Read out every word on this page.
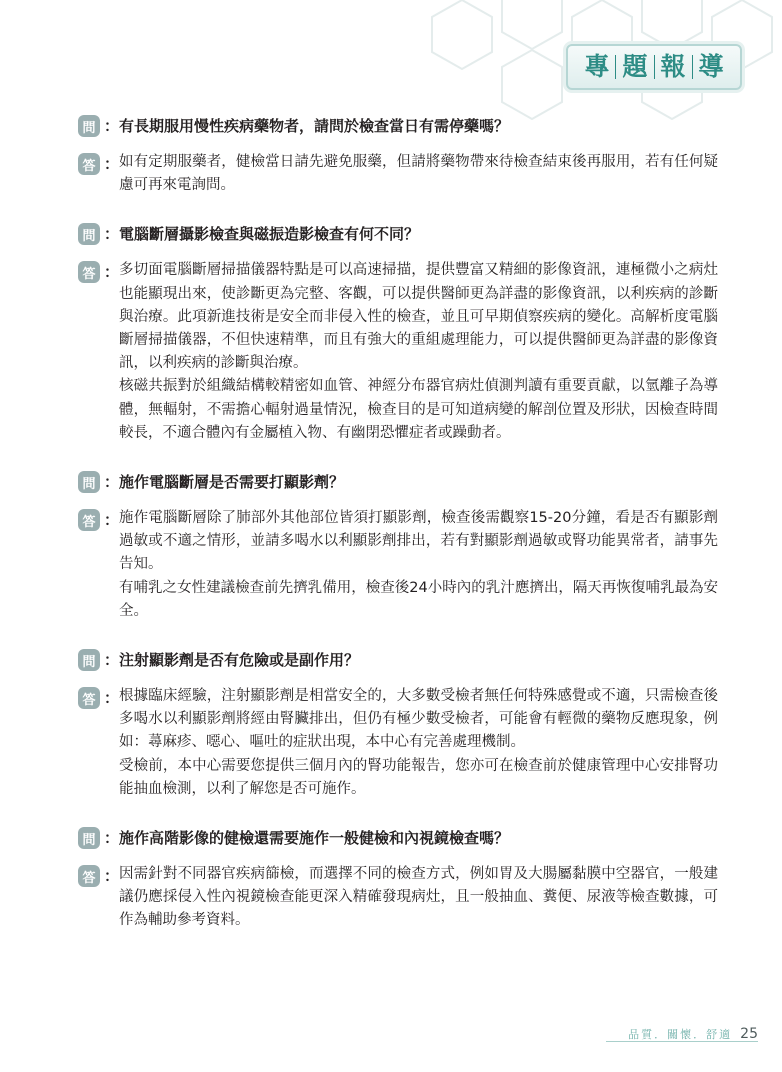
專 題 報 導
問 ： 有長期服用慢性疾病藥物者，請問於檢查當日有需停藥嗎？
答 ： 如有定期服藥者，健檢當日請先避免服藥，但請將藥物帶來待檢查結束後再服用，若有任何疑慮可再來電詢問。

問 ： 電腦斷層攝影檢查與磁振造影檢查有何不同？
答 ： 多切面電腦斷層掃描儀器特點是可以高速掃描，提供豐富又精細的影像資訊，連極微小之病灶也能顯現出來，使診斷更為完整、客觀，可以提供醫師更為詳盡的影像資訊，以利疾病的診斷與治療。此項新進技術是安全而非侵入性的檢查，並且可早期偵察疾病的變化。高解析度電腦斷層掃描儀器，不但快速精準，而且有強大的重組處理能力，可以提供醫師更為詳盡的影像資訊，以利疾病的診斷與治療。

核磁共振對於組織結構較精密如血管、神經分布器官病灶偵測判讀有重要貢獻，以氫離子為導體，無輻射，不需擔心輻射過量情況，檢查目的是可知道病變的解剖位置及形狀，因檢查時間較長，不適合體內有金屬植入物、有幽閉恐懼症者或躁動者。

問 ： 施作電腦斷層是否需要打顯影劑？
答 ： 施作電腦斷層除了肺部外其他部位皆須打顯影劑，檢查後需觀察15-20分鐘，看是否有顯影劑過敏或不適之情形，並請多喝水以利顯影劑排出，若有對顯影劑過敏或腎功能異常者，請事先告知。

有哺乳之女性建議檢查前先擠乳備用，檢查後24小時內的乳汁應擠出，隔天再恢復哺乳最為安全。

問 ： 注射顯影劑是否有危險或是副作用？
答 ： 根據臨床經驗，注射顯影劑是相當安全的，大多數受檢者無任何特殊感覺或不適，只需檢查後多喝水以利顯影劑將經由腎臟排出，但仍有極少數受檢者，可能會有輕微的藥物反應現象，例如：蕁麻疹、噁心、嘔吐的症狀出現，本中心有完善處理機制。

受檢前，本中心需要您提供三個月內的腎功能報告，您亦可在檢查前於健康管理中心安排腎功能抽血檢測，以利了解您是否可施作。

問 ： 施作高階影像的健檢還需要施作一般健檢和內視鏡檢查嗎？
答 ： 因需針對不同器官疾病篩檢，而選擇不同的檢查方式，例如胃及大腸屬黏膜中空器官，一般建議仍應採侵入性內視鏡檢查能更深入精確發現病灶，且一般抽血、糞便、尿液等檢查數據，可作為輔助參考資料。

品質．關懷．舒適 25
